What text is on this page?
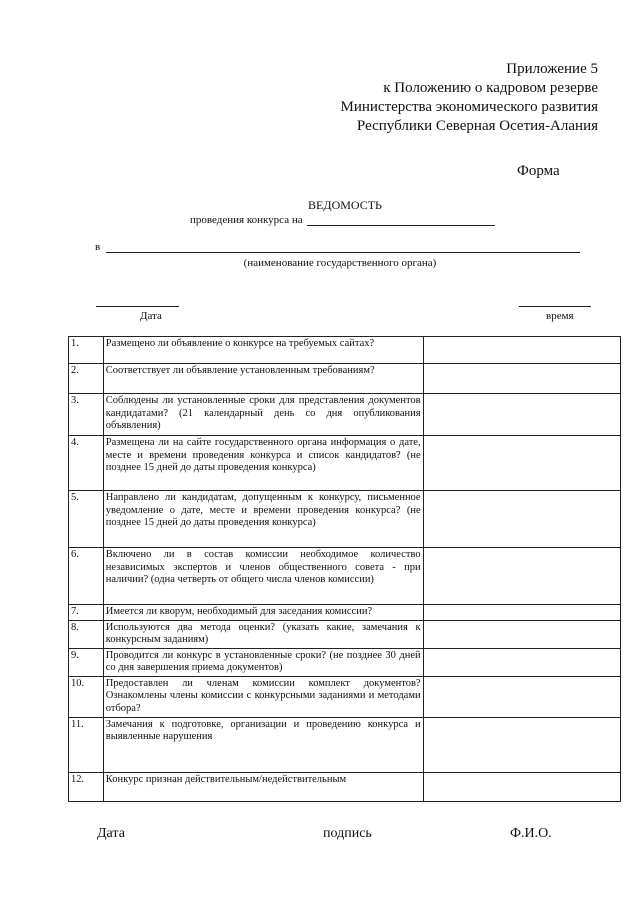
Приложение 5
к Положению о кадровом резерве
Министерства экономического развития
Республики Северная Осетия-Алания
Форма
ВЕДОМОСТЬ
проведения конкурса на
в
(наименование государственного органа)
Дата	время
1.	Размещено ли объявление о конкурсе на требуемых сайтах?	
2.	Соответствует ли объявление установленным требованиям?	
3.	Соблюдены ли установленные сроки для представления документов кандидатами? (21 календарный день со дня опубликования объявления)	
4.	Размещена ли на сайте государственного органа информация о дате, месте и времени проведения конкурса и список кандидатов? (не позднее 15 дней до даты проведения конкурса)	
5.	Направлено ли кандидатам, допущенным к конкурсу, письменное уведомление о дате, месте и времени проведения конкурса? (не позднее 15 дней до даты проведения конкурса)	
6.	Включено ли в состав комиссии необходимое количество независимых экспертов и членов общественного совета - при наличии? (одна четверть от общего числа членов комиссии)	
7.	Имеется ли кворум, необходимый для заседания комиссии?	
8.	Используются два метода оценки? (указать какие, замечания к конкурсным заданиям)	
9.	Проводится ли конкурс в установленные сроки? (не позднее 30 дней со дня завершения приема документов)	
10.	Предоставлен ли членам комиссии комплект документов? Ознакомлены члены комиссии с конкурсными заданиями и методами отбора?	
11.	Замечания к подготовке, организации и проведению конкурса и выявленные нарушения	
12.	Конкурс признан действительным/недействительным	
Дата	подпись	Ф.И.О.
